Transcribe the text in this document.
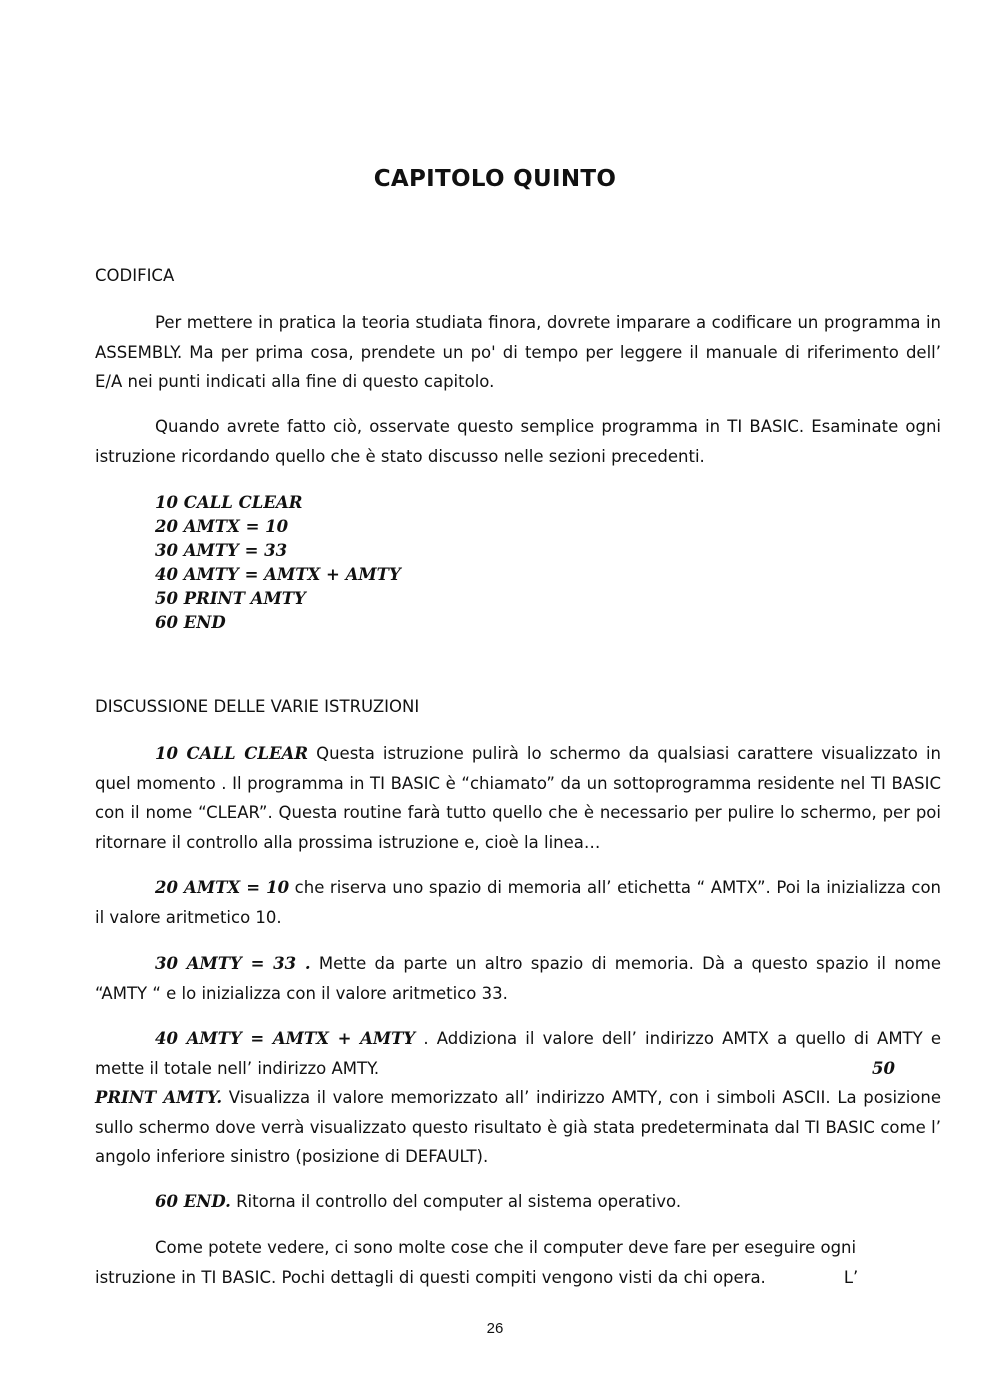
CAPITOLO QUINTO
CODIFICA

Per mettere in pratica la teoria studiata finora, dovrete imparare a codificare un programma in ASSEMBLY. Ma per prima cosa, prendete un po' di tempo per leggere il manuale di riferimento dell’ E/A nei punti indicati alla fine di questo capitolo.

Quando avrete fatto ciò, osservate questo semplice programma in TI BASIC. Esaminate ogni istruzione ricordando quello che è stato discusso nelle sezioni precedenti.

10 CALL CLEAR
20 AMTX = 10
30 AMTY = 33
40 AMTY = AMTX + AMTY
50 PRINT AMTY
60 END
DISCUSSIONE DELLE VARIE ISTRUZIONI

10 CALL CLEAR Questa istruzione pulirà lo schermo da qualsiasi carattere visualizzato in quel momento . Il programma in TI BASIC è “chiamato” da un sottoprogramma residente nel TI BASIC con il nome “CLEAR”. Questa routine farà tutto quello che è necessario per pulire lo schermo, per poi ritornare il controllo alla prossima istruzione e, cioè la linea…

20 AMTX = 10 che riserva uno spazio di memoria all’ etichetta “ AMTX”. Poi la inizializza con il valore aritmetico 10.

30 AMTY = 33 . Mette da parte un altro spazio di memoria. Dà a questo spazio il nome “AMTY “ e lo inizializza con il valore aritmetico 33.

40 AMTY = AMTX + AMTY . Addiziona il valore dell’ indirizzo AMTX a quello di AMTY e mette il totale nell’ indirizzo AMTY.	50

PRINT AMTY. Visualizza il valore memorizzato all’ indirizzo AMTY, con i simboli ASCII. La posizione sullo schermo dove verrà visualizzato questo risultato è già stata predeterminata dal TI BASIC come l’ angolo inferiore sinistro (posizione di DEFAULT).

60 END. Ritorna il controllo del computer al sistema operativo.

Come potete vedere, ci sono molte cose che il computer deve fare per eseguire ogni istruzione in TI BASIC. Pochi dettagli di questi compiti vengono visti da chi opera.	L’

26
